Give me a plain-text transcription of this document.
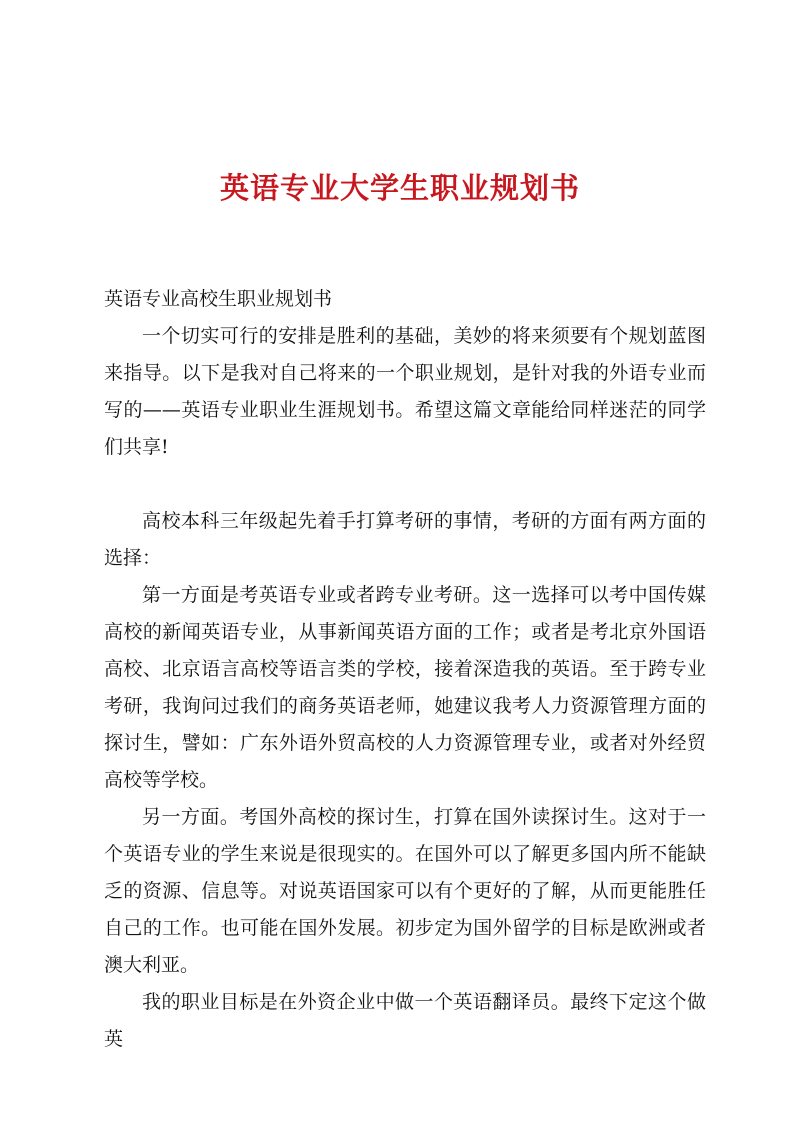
英语专业大学生职业规划书

英语专业高校生职业规划书

一个切实可行的安排是胜利的基础，美妙的将来须要有个规划蓝图来指导。以下是我对自己将来的一个职业规划，是针对我的外语专业而写的——英语专业职业生涯规划书。希望这篇文章能给同样迷茫的同学们共享!

高校本科三年级起先着手打算考研的事情，考研的方面有两方面的选择：

第一方面是考英语专业或者跨专业考研。这一选择可以考中国传媒高校的新闻英语专业，从事新闻英语方面的工作；或者是考北京外国语高校、北京语言高校等语言类的学校，接着深造我的英语。至于跨专业考研，我询问过我们的商务英语老师，她建议我考人力资源管理方面的探讨生，譬如：广东外语外贸高校的人力资源管理专业，或者对外经贸高校等学校。

另一方面。考国外高校的探讨生，打算在国外读探讨生。这对于一个英语专业的学生来说是很现实的。在国外可以了解更多国内所不能缺乏的资源、信息等。对说英语国家可以有个更好的了解，从而更能胜任自己的工作。也可能在国外发展。初步定为国外留学的目标是欧洲或者澳大利亚。

我的职业目标是在外资企业中做一个英语翻译员。最终下定这个做英
